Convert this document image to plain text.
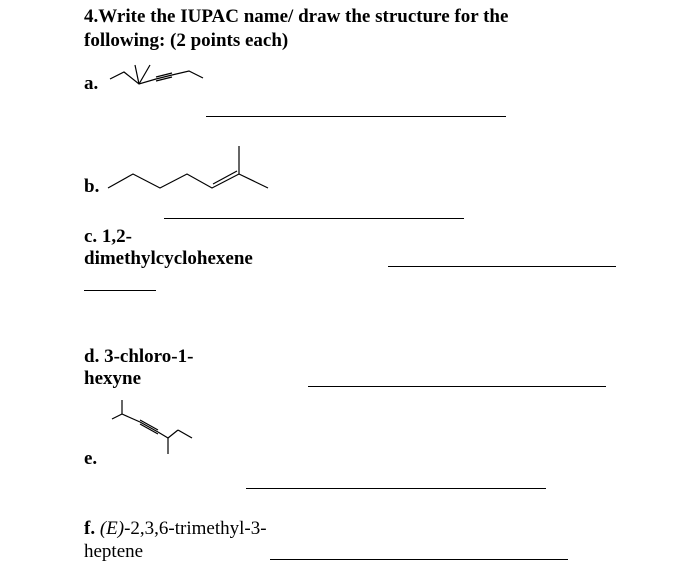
4.Write the IUPAC name/ draw the structure for the
following: (2 points each)
a.
b.
c. 1,2-
dimethylcyclohexene
d. 3-chloro-1-
hexyne
e.
f. (E)-2,3,6-trimethyl-3-
heptene
